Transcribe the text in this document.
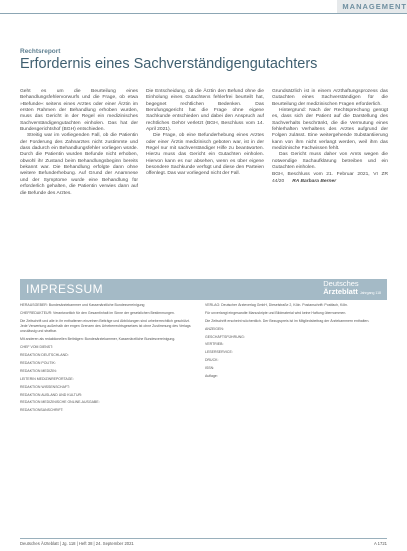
MANAGEMENT
Rechtsreport
Erfordernis eines Sachverständigengutachters

Geht es um die Beurteilung eines Behandlungsfehlervorwurfs und die Frage, ob etwa »Befunde« seitens eines Arztes oder einer Ärztin im ersten Rahmen der Behandlung erhoben wurden, muss das Gericht in der Regel ein medizinisches Sachverständigengutachten einholen. Das hat der Bundesgerichtshof (BGH) entschieden.

Streitig war im vorliegenden Fall, ob die Patientin der Forderung des Zahnarztes nicht zustimmte und dass dadurch ein Behandlungsfehler vorliegen würde. Durch die Patientin wurden Befunde nicht erhoben, obwohl ihr Zustand beim Behandlungsbeginn bereits bekannt war. Die Behandlung erfolgte dann ohne weitere Befunderhebung. Auf Grund der Anamnese und der Symptome wurde eine Behandlung für erforderlich gehalten, die Patientin verwies dann auf die Befunde des Arztes.

Die Entscheidung, ob die Ärztin den Befund ohne die Einholung eines Gutachtens fehlerfrei beurteilt hat, begegnet rechtlichen Bedenken. Das Berufungsgericht hat die Frage ohne eigene Sachkunde entschieden und dabei den Anspruch auf rechtliches Gehör verletzt (BGH, Beschluss vom 14. April 2021).

Die Frage, ob eine Befunderhebung eines Arztes oder einer Ärztin medizinisch geboten war, ist in der Regel nur mit sachverständiger Hilfe zu beantworten. Hierzu muss das Gericht ein Gutachten einholen. Hiervon kann es nur absehen, wenn es über eigene besondere Sachkunde verfügt und diese den Parteien offenlegt. Das war vorliegend nicht der Fall.

Grundsätzlich ist in einem Arzthaftungsprozess das Gutachten eines Sachverständigen für die Beurteilung der medizinischen Fragen erforderlich.

Hintergrund: Nach der Rechtsprechung genügt es, dass sich der Patient auf die Darstellung des Sachverhalts beschränkt, die die Vermutung eines fehlerhaften Verhaltens des Arztes aufgrund der Folgen zulässt. Eine weitergehende Substantiierung kann von ihm nicht verlangt werden, weil ihm das medizinische Fachwissen fehlt.

Das Gericht muss daher von Amts wegen die notwendige Sachaufklärung betreiben und ein Gutachten einholen.

BGH, Beschluss vom 21. Februar 2021, VI ZR 44/20 RA Barbara Berner
IMPRESSUM	Deutsches
Ärzteblatt Jahrgang 118

HERAUSGEBER: Bundesärztekammer und Kassenärztliche Bundesvereinigung

CHEFREDAKTEUR: Verantwortlich für den Gesamtinhalt im Sinne der gesetzlichen Bestimmungen.

Die Zeitschrift und alle in ihr enthaltenen einzelnen Beiträge und Abbildungen sind urheberrechtlich geschützt. Jede Verwertung außerhalb der engen Grenzen des Urheberrechtsgesetzes ist ohne Zustimmung des Verlags unzulässig und strafbar.

Mit anderen als redaktionellen Beiträgen: Bundesärztekammer, Kassenärztliche Bundesvereinigung.

CHEF VOM DIENST:

REDAKTION DEUTSCHLAND:

REDAKTION POLITIK:

REDAKTION MEDIZIN:

LEITERIN MEDIZINREPORTAGE:

REDAKTION WISSENSCHAFT:

REDAKTION AUSLAND UND KULTUR:

REDAKTION MEDIZINISCHE ONLINE-AUSGABE:

REDAKTIONSANSCHRIFT:

VERLAG: Deutscher Ärzteverlag GmbH, Dieselstraße 2, Köln. Postanschrift: Postfach, Köln.

Für unverlangt eingesandte Manuskripte und Bildmaterial wird keine Haftung übernommen.

Die Zeitschrift erscheint wöchentlich. Der Bezugspreis ist im Mitgliedsbeitrag der Ärztekammern enthalten.

ANZEIGEN:

GESCHÄFTSFÜHRUNG:

VERTRIEB:

LESERSERVICE:

DRUCK:

ISSN:

Auflage:

Deutsches Ärzteblatt | Jg. 118 | Heft 38 | 24. September 2021	A 1721
